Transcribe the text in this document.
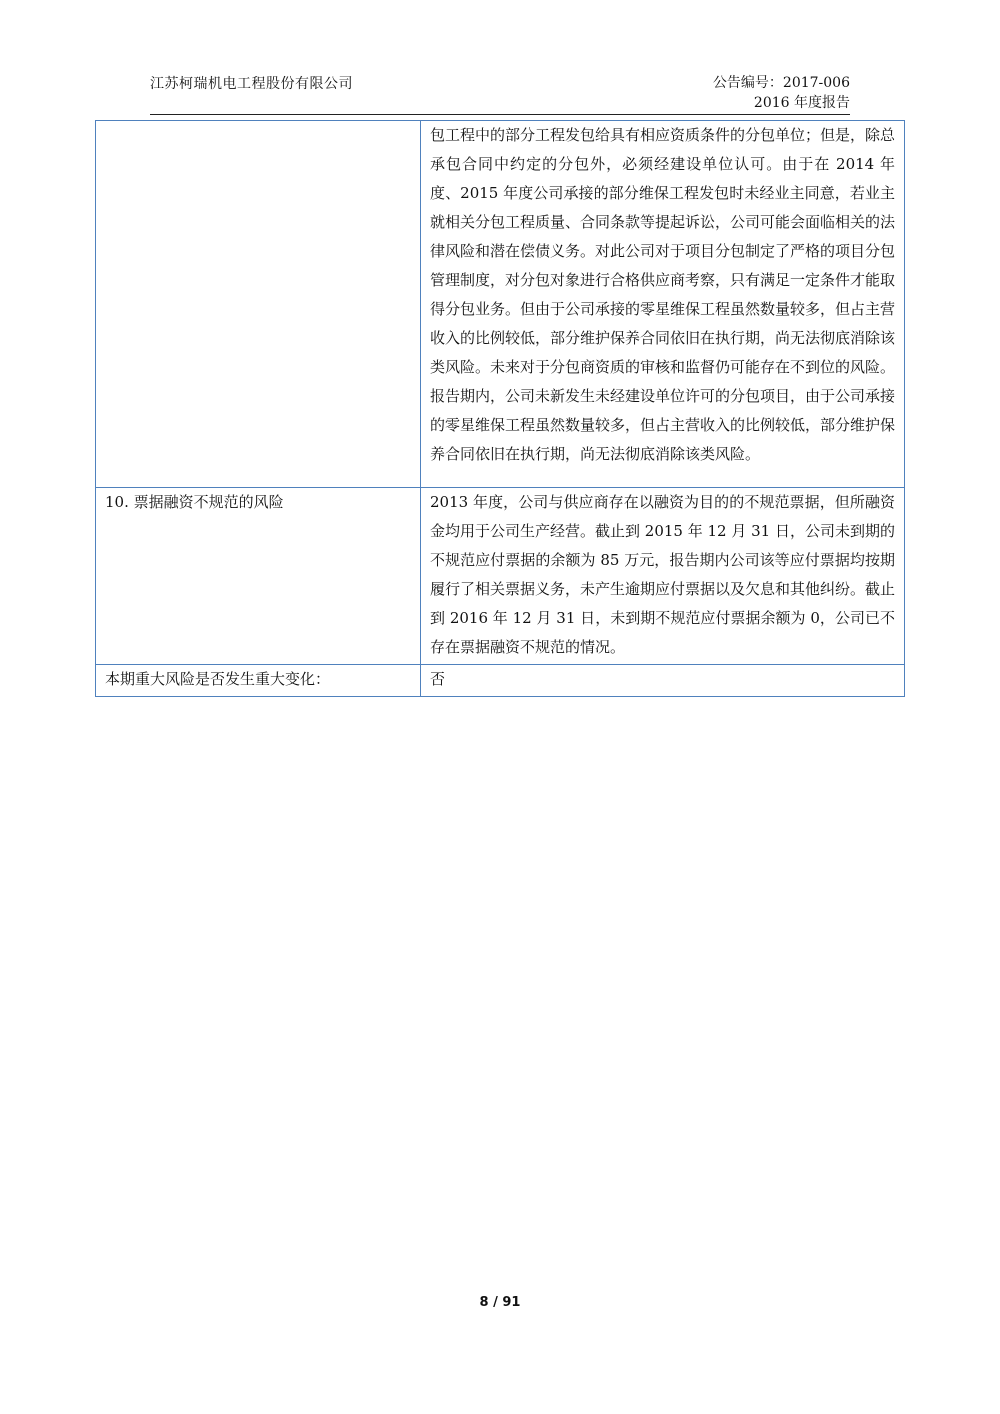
江苏柯瑞机电工程股份有限公司	公告编号：2017-006
2016 年度报告
	包工程中的部分工程发包给具有相应资质条件的分包单位；但是，除总承包合同中约定的分包外，必须经建设单位认可。由于在 2014 年度、2015 年度公司承接的部分维保工程发包时未经业主同意，若业主就相关分包工程质量、合同条款等提起诉讼，公司可能会面临相关的法律风险和潜在偿债义务。对此公司对于项目分包制定了严格的项目分包管理制度，对分包对象进行合格供应商考察，只有满足一定条件才能取得分包业务。但由于公司承接的零星维保工程虽然数量较多，但占主营收入的比例较低，部分维护保养合同依旧在执行期，尚无法彻底消除该类风险。未来对于分包商资质的审核和监督仍可能存在不到位的风险。报告期内，公司未新发生未经建设单位许可的分包项目，由于公司承接的零星维保工程虽然数量较多，但占主营收入的比例较低，部分维护保养合同依旧在执行期，尚无法彻底消除该类风险。
10. 票据融资不规范的风险	2013 年度，公司与供应商存在以融资为目的的不规范票据，但所融资金均用于公司生产经营。截止到 2015 年 12 月 31 日，公司未到期的不规范应付票据的余额为 85 万元，报告期内公司该等应付票据均按期履行了相关票据义务，未产生逾期应付票据以及欠息和其他纠纷。截止到 2016 年 12 月 31 日，未到期不规范应付票据余额为 0，公司已不存在票据融资不规范的情况。
本期重大风险是否发生重大变化：	否
8 / 91
